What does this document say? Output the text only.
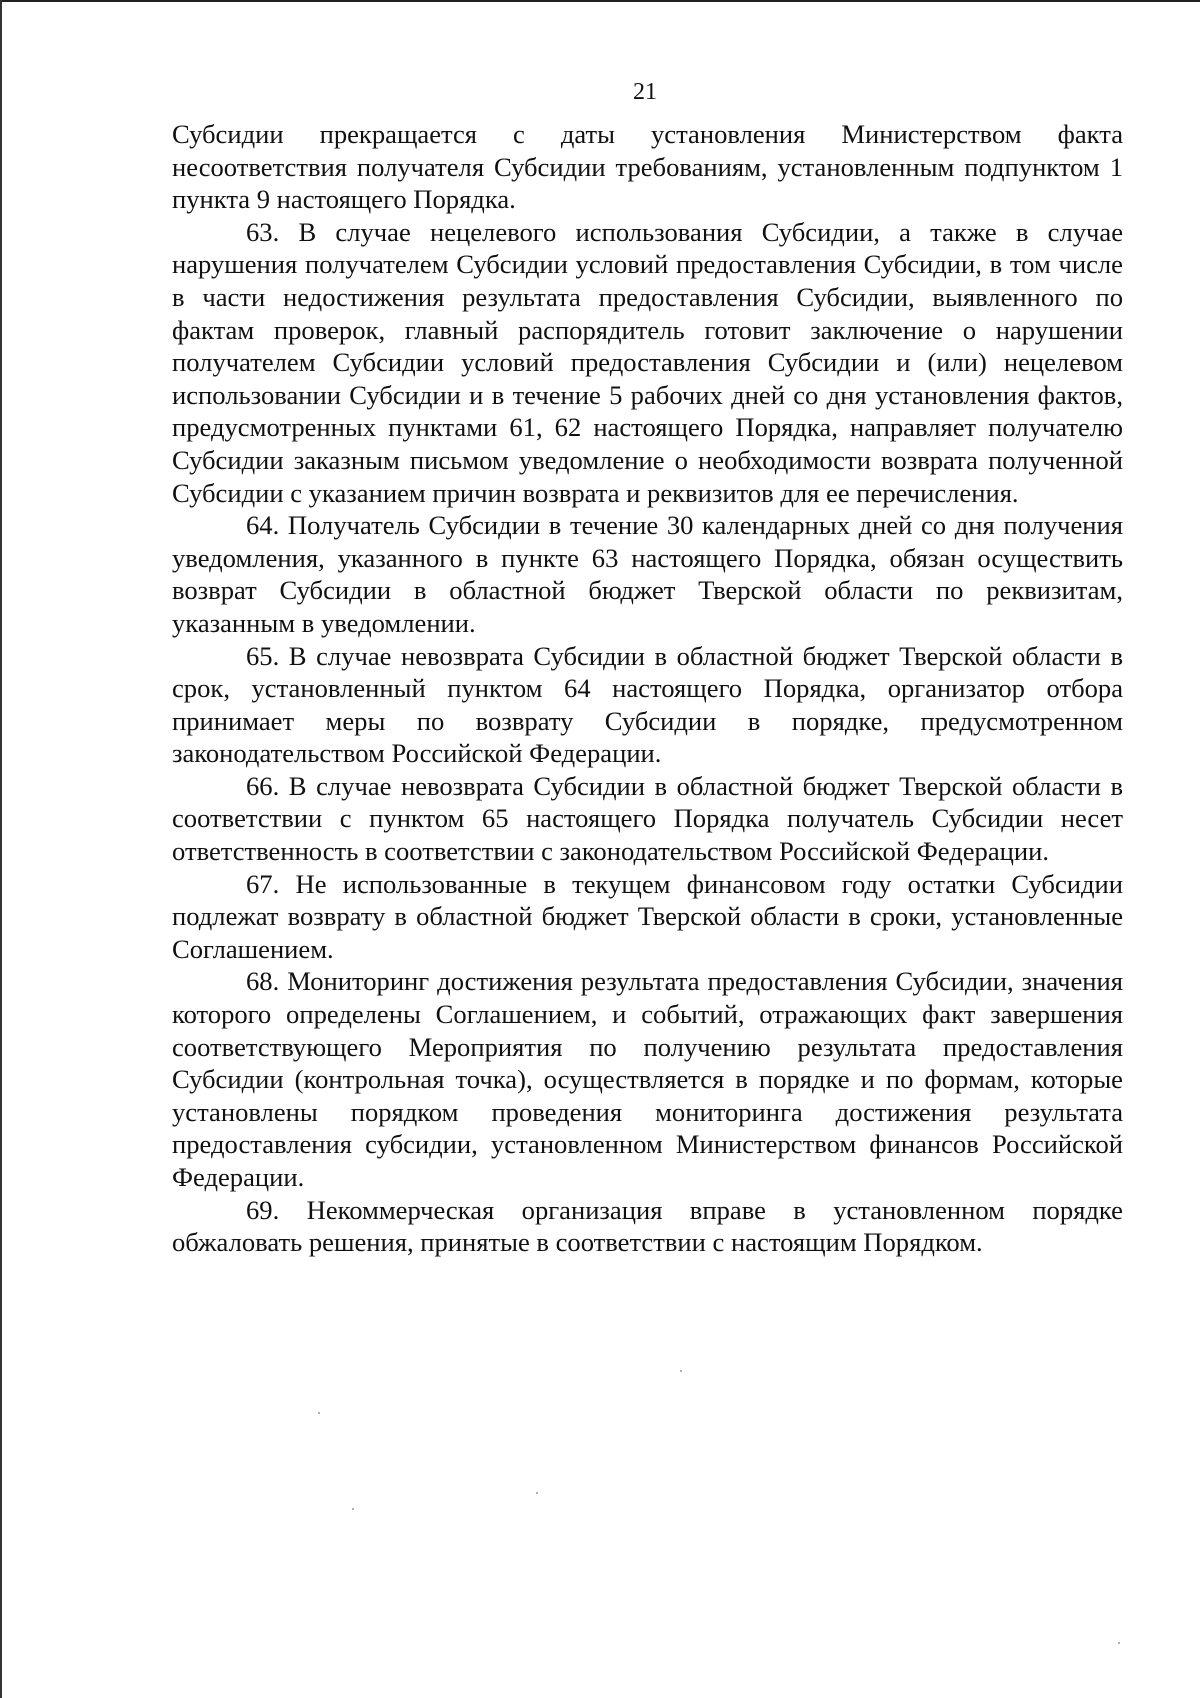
21

Субсидии прекращается с даты установления Министерством факта несоответствия получателя Субсидии требованиям, установленным подпунктом 1 пункта 9 настоящего Порядка.

63. В случае нецелевого использования Субсидии, а также в случае нарушения получателем Субсидии условий предоставления Субсидии, в том числе в части недостижения результата предоставления Субсидии, выявленного по фактам проверок, главный распорядитель готовит заключение о нарушении получателем Субсидии условий предоставления Субсидии и (или) нецелевом использовании Субсидии и в течение 5 рабочих дней со дня установления фактов, предусмотренных пунктами 61, 62 настоящего Порядка, направляет получателю Субсидии заказным письмом уведомление о необходимости возврата полученной Субсидии с указанием причин возврата и реквизитов для ее перечисления.

64. Получатель Субсидии в течение 30 календарных дней со дня получения уведомления, указанного в пункте 63 настоящего Порядка, обязан осуществить возврат Субсидии в областной бюджет Тверской области по реквизитам, указанным в уведомлении.

65. В случае невозврата Субсидии в областной бюджет Тверской области в срок, установленный пунктом 64 настоящего Порядка, организатор отбора принимает меры по возврату Субсидии в порядке, предусмотренном законодательством Российской Федерации.

66. В случае невозврата Субсидии в областной бюджет Тверской области в соответствии с пунктом 65 настоящего Порядка получатель Субсидии несет ответственность в соответствии с законодательством Российской Федерации.

67. Не использованные в текущем финансовом году остатки Субсидии подлежат возврату в областной бюджет Тверской области в сроки, установленные Соглашением.

68. Мониторинг достижения результата предоставления Субсидии, значения которого определены Соглашением, и событий, отражающих факт завершения соответствующего Мероприятия по получению результата предоставления Субсидии (контрольная точка), осуществляется в порядке и по формам, которые установлены порядком проведения мониторинга достижения результата предоставления субсидии, установленном Министерством финансов Российской Федерации.

69. Некоммерческая организация вправе в установленном порядке обжаловать решения, принятые в соответствии с настоящим Порядком.
